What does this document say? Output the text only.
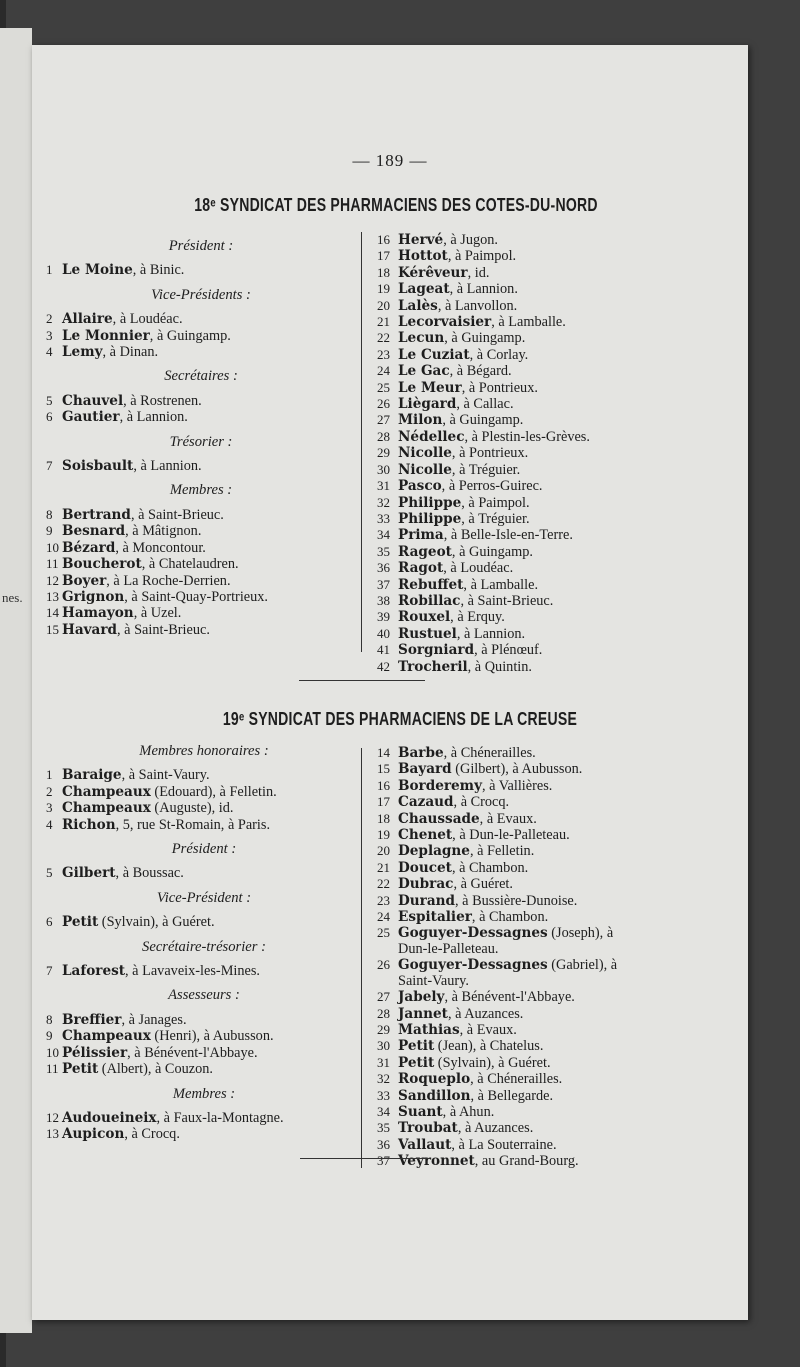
nes.
— 189 —
18ᵉ SYNDICAT DES PHARMACIENS DES COTES-DU-NORD
Président :
1 Le Moine, à Binic.
Vice-Présidents :
2 Allaire, à Loudéac.
3 Le Monnier, à Guingamp.
4 Lemy, à Dinan.
Secrétaires :
5 Chauvel, à Rostrenen.
6 Gautier, à Lannion.
Trésorier :
7 Soisbault, à Lannion.
Membres :
8 Bertrand, à Saint-Brieuc.
9 Besnard, à Mâtignon.
10 Bézard, à Moncontour.
11 Boucherot, à Chatelaudren.
12 Boyer, à La Roche-Derrien.
13 Grignon, à Saint-Quay-Portrieux.
14 Hamayon, à Uzel.
15 Havard, à Saint-Brieuc.
16 Hervé, à Jugon.
17 Hottot, à Paimpol.
18 Kérêveur, id.
19 Lageat, à Lannion.
20 Lalès, à Lanvollon.
21 Lecorvaisier, à Lamballe.
22 Lecun, à Guingamp.
23 Le Cuziat, à Corlay.
24 Le Gac, à Bégard.
25 Le Meur, à Pontrieux.
26 Liègard, à Callac.
27 Milon, à Guingamp.
28 Nédellec, à Plestin-les-Grèves.
29 Nicolle, à Pontrieux.
30 Nicolle, à Tréguier.
31 Pasco, à Perros-Guirec.
32 Philippe, à Paimpol.
33 Philippe, à Tréguier.
34 Prima, à Belle-Isle-en-Terre.
35 Rageot, à Guingamp.
36 Ragot, à Loudéac.
37 Rebuffet, à Lamballe.
38 Robillac, à Saint-Brieuc.
39 Rouxel, à Erquy.
40 Rustuel, à Lannion.
41 Sorgniard, à Plénœuf.
42 Trocheril, à Quintin.
19ᵉ SYNDICAT DES PHARMACIENS DE LA CREUSE
Membres honoraires :
1 Baraige, à Saint-Vaury.
2 Champeaux (Edouard), à Felletin.
3 Champeaux (Auguste), id.
4 Richon, 5, rue St-Romain, à Paris.
Président :
5 Gilbert, à Boussac.
Vice-Président :
6 Petit (Sylvain), à Guéret.
Secrétaire-trésorier :
7 Laforest, à Lavaveix-les-Mines.
Assesseurs :
8 Breffier, à Janages.
9 Champeaux (Henri), à Aubusson.
10 Pélissier, à Bénévent-l'Abbaye.
11 Petit (Albert), à Couzon.
Membres :
12 Audoueineix, à Faux-la-Montagne.
13 Aupicon, à Crocq.
14 Barbe, à Chénerailles.
15 Bayard (Gilbert), à Aubusson.
16 Borderemy, à Vallières.
17 Cazaud, à Crocq.
18 Chaussade, à Evaux.
19 Chenet, à Dun-le-Palleteau.
20 Deplagne, à Felletin.
21 Doucet, à Chambon.
22 Dubrac, à Guéret.
23 Durand, à Bussière-Dunoise.
24 Espitalier, à Chambon.
25 Goguyer-Dessagnes (Joseph), à
Dun-le-Palleteau.
26 Goguyer-Dessagnes (Gabriel), à
Saint-Vaury.
27 Jabely, à Bénévent-l'Abbaye.
28 Jannet, à Auzances.
29 Mathias, à Evaux.
30 Petit (Jean), à Chatelus.
31 Petit (Sylvain), à Guéret.
32 Roqueplo, à Chénerailles.
33 Sandillon, à Bellegarde.
34 Suant, à Ahun.
35 Troubat, à Auzances.
36 Vallaut, à La Souterraine.
37 Veyronnet, au Grand-Bourg.
